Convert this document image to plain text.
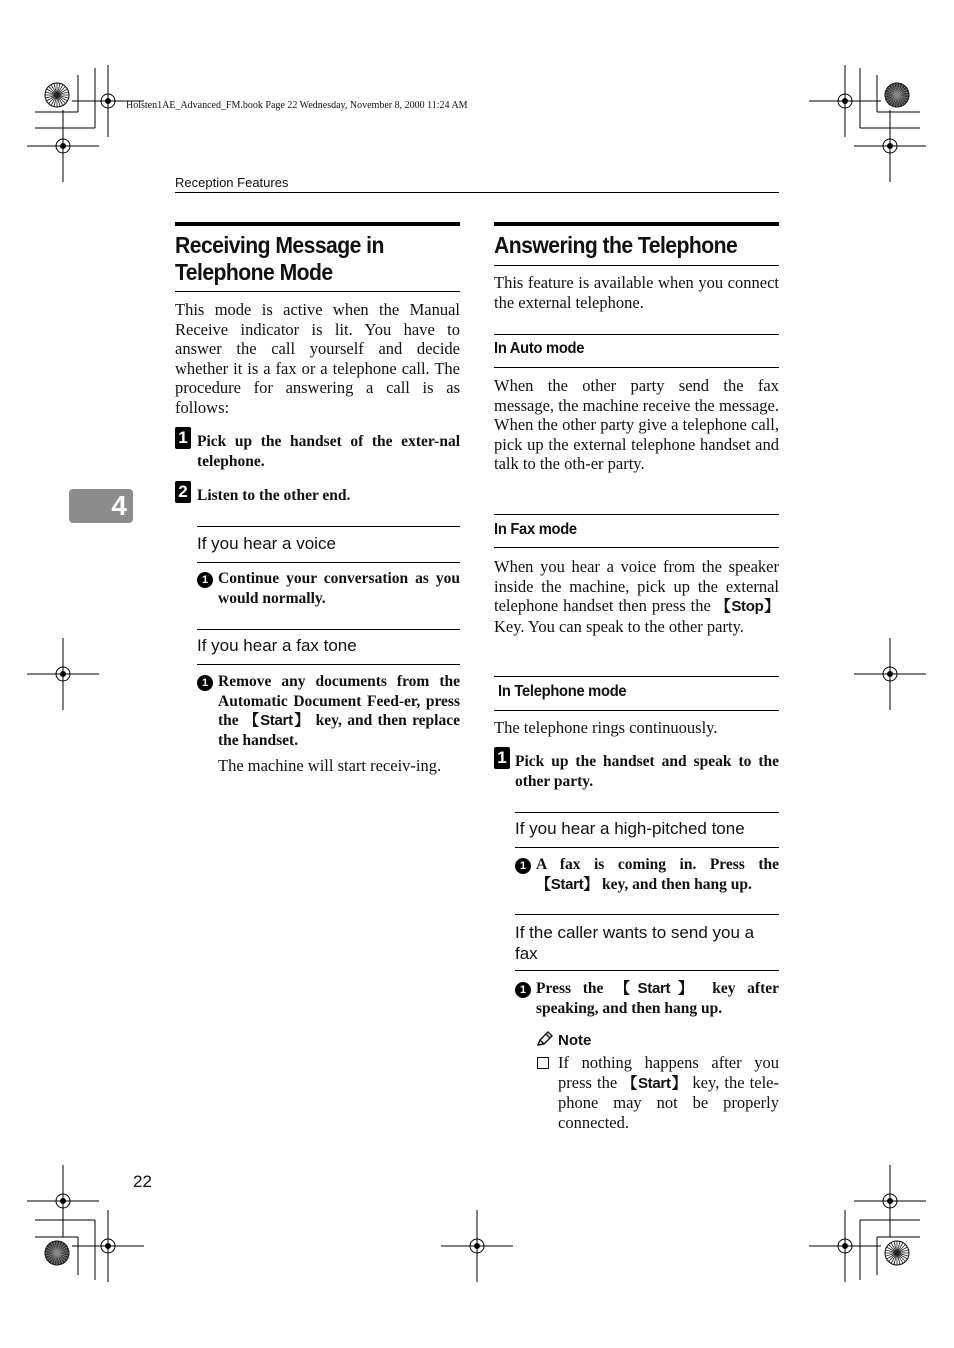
Holsten1AE_Advanced_FM.book Page 22 Wednesday, November 8, 2000 11:24 AM
Reception Features
4
Receiving Message in
Telephone Mode
This mode is active when the Manual Receive indicator is lit. You have to answer the call yourself and decide whether it is a fax or a telephone call. The procedure for answering a call is as follows:
1 Pick up the handset of the exter-nal telephone.
2 Listen to the other end.
If you hear a voice
1 Continue your conversation as you would normally.
If you hear a fax tone
1 Remove any documents from the Automatic Document Feed-er, press the 【Start】 key, and then replace the handset.
The machine will start receiv-ing.
Answering the Telephone
This feature is available when you connect the external telephone.
In Auto mode
When the other party send the fax message, the machine receive the message. When the other party give a telephone call, pick up the external telephone handset and talk to the oth-er party.
In Fax mode
When you hear a voice from the speaker inside the machine, pick up the external telephone handset then press the 【Stop】 Key. You can speak to the other party.
In Telephone mode
The telephone rings continuously.
1 Pick up the handset and speak to the other party.
If you hear a high-pitched tone
1 A fax is coming in. Press the 【Start】 key, and then hang up.
If the caller wants to send you a
fax
1 Press the 【Start】 key after speaking, and then hang up.
Note
If nothing happens after you press the 【Start】 key, the tele-phone may not be properly connected.
22
